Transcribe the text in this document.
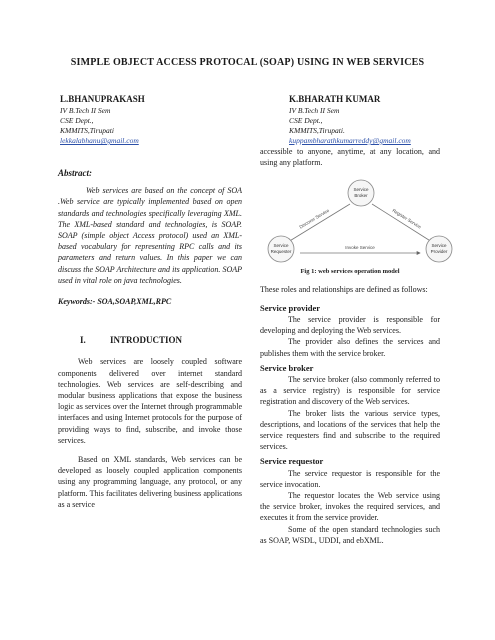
SIMPLE OBJECT ACCESS PROTOCAL (SOAP) USING IN WEB SERVICES
L.BHANUPRAKASH
IV B.Tech II Sem
CSE Dept.,
KMMITS,Tirupati
lekkalabhanu@gmail.com
K.BHARATH KUMAR
IV B.Tech II Sem
CSE Dept.,
KMMITS,Tirupati.
kuppambharathkumarreddy@gmail.com
Abstract:
Web services are based on the concept of SOA .Web service are typically implemented based on open standards and technologies specifically leveraging XML. The XML-based standard and technologies, is SOAP. SOAP (simple object Access protocol) used an XML-based vocabulary for representing RPC calls and its parameters and return values. In this paper we can discuss the SOAP Architecture and its application. SOAP used in vital role on java technologies.
Keywords:- SOA,SOAP,XML,RPC
I.	INTRODUCTION
Web services are loosely coupled software components delivered over internet standard technologies. Web services are self-describing and modular business applications that expose the business logic as services over the Internet through programmable interfaces and using Internet protocols for the purpose of providing ways to find, subscribe, and invoke those services.
Based on XML standards, Web services can be developed as loosely coupled application components using any programming language, any protocol, or any platform. This facilitates delivering business applications as a service
accessible to anyone, anytime, at any location, and using any platform.
Service
Broker
Service
Requester
Service
Provider
Discover Service	Register Service
Invoke Service
Fig 1: web services operation model
These roles and relationships are defined as follows:
Service provider
The service provider is responsible for developing and deploying the Web services.
The provider also defines the services and publishes them with the service broker.
Service broker
The service broker (also commonly referred to as a service registry) is responsible for service registration and discovery of the Web services.
The broker lists the various service types, descriptions, and locations of the services that help the service requesters find and subscribe to the required services.
Service requestor
The service requestor is responsible for the service invocation.
The requestor locates the Web service using the service broker, invokes the required services, and executes it from the service provider.
Some of the open standard technologies such as SOAP, WSDL, UDDI, and ebXML.
